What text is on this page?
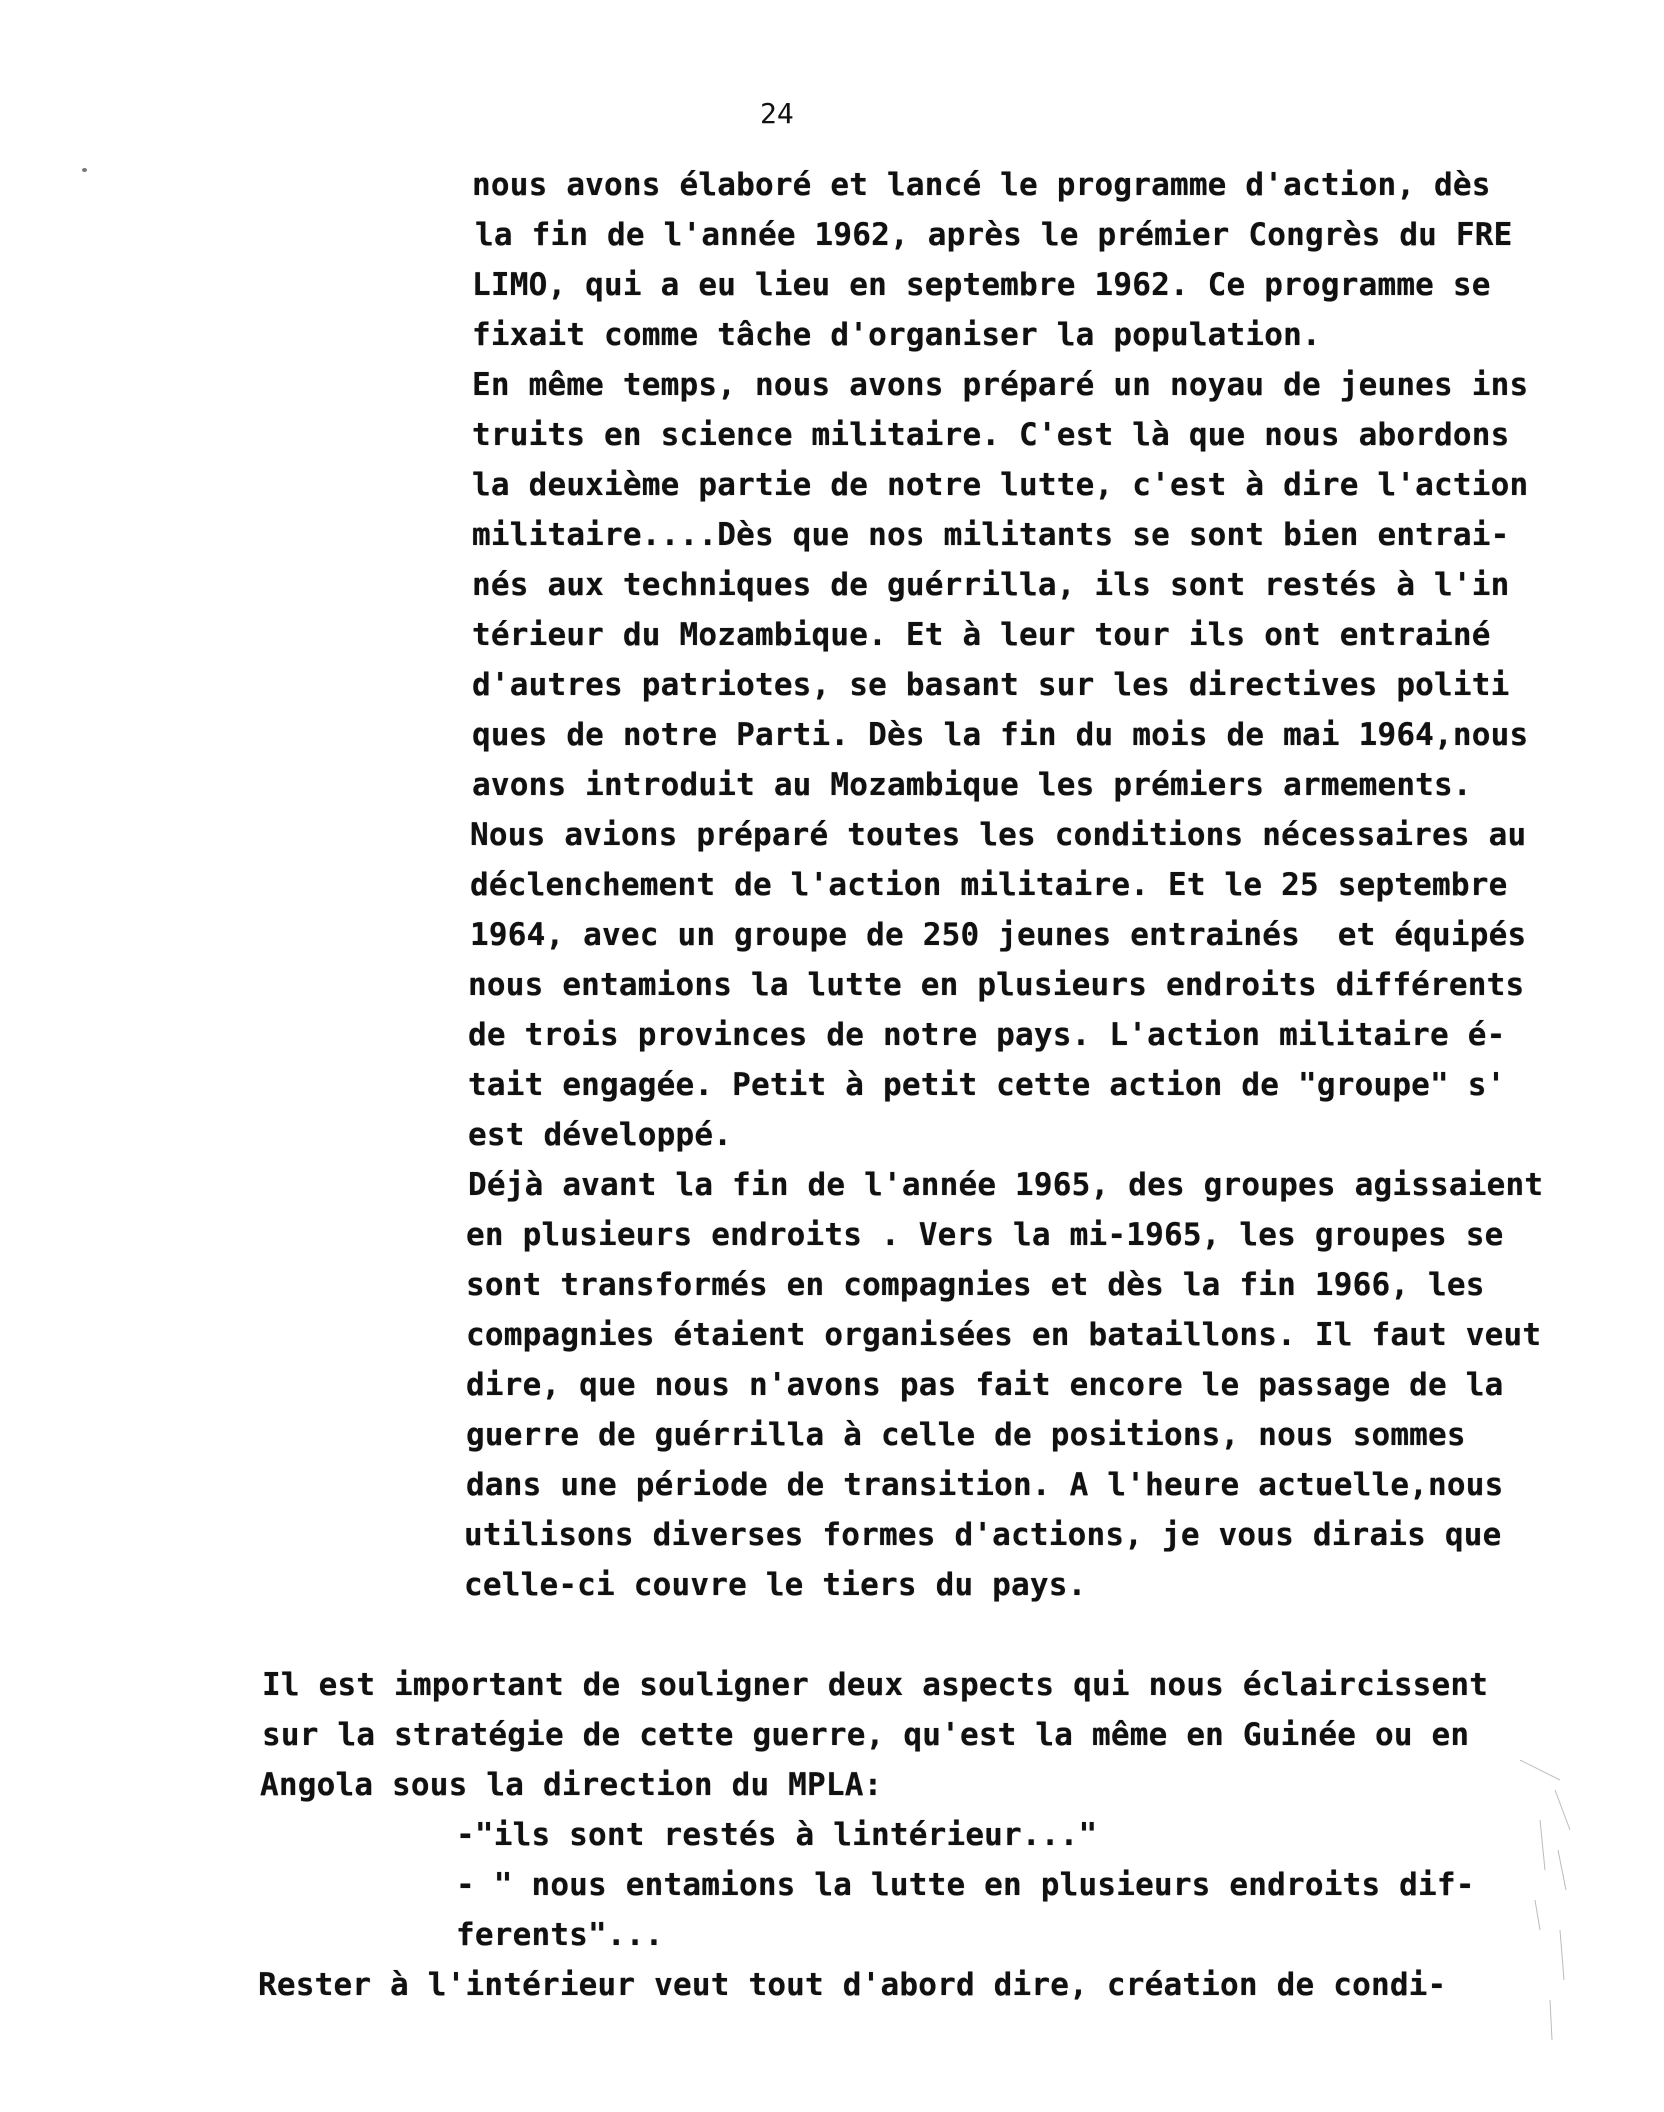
24
nous avons élaboré et lancé le programme d'action, dès
la fin de l'année 1962, après le prémier Congrès du FRE
LIMO, qui a eu lieu en septembre 1962. Ce programme se
fixait comme tâche d'organiser la population.
En même temps, nous avons préparé un noyau de jeunes ins
truits en science militaire. C'est là que nous abordons
la deuxième partie de notre lutte, c'est à dire l'action
militaire....Dès que nos militants se sont bien entrai-
nés aux techniques de guérrilla, ils sont restés à l'in
térieur du Mozambique. Et à leur tour ils ont entrainé
d'autres patriotes, se basant sur les directives politi
ques de notre Parti. Dès la fin du mois de mai 1964,nous
avons introduit au Mozambique les prémiers armements.
Nous avions préparé toutes les conditions nécessaires au
déclenchement de l'action militaire. Et le 25 septembre
1964, avec un groupe de 250 jeunes entrainés  et équipés
nous entamions la lutte en plusieurs endroits différents
de trois provinces de notre pays. L'action militaire é-
tait engagée. Petit à petit cette action de "groupe" s'
est développé.
Déjà avant la fin de l'année 1965, des groupes agissaient
en plusieurs endroits . Vers la mi-1965, les groupes se
sont transformés en compagnies et dès la fin 1966, les
compagnies étaient organisées en bataillons. Il faut veut
dire, que nous n'avons pas fait encore le passage de la
guerre de guérrilla à celle de positions, nous sommes
dans une période de transition. A l'heure actuelle,nous
utilisons diverses formes d'actions, je vous dirais que
celle-ci couvre le tiers du pays.
Il est important de souligner deux aspects qui nous éclaircissent
sur la stratégie de cette guerre, qu'est la même en Guinée ou en
Angola sous la direction du MPLA:
-"ils sont restés à lintérieur..."
- " nous entamions la lutte en plusieurs endroits dif-
ferents"...
Rester à l'intérieur veut tout d'abord dire, création de condi-
